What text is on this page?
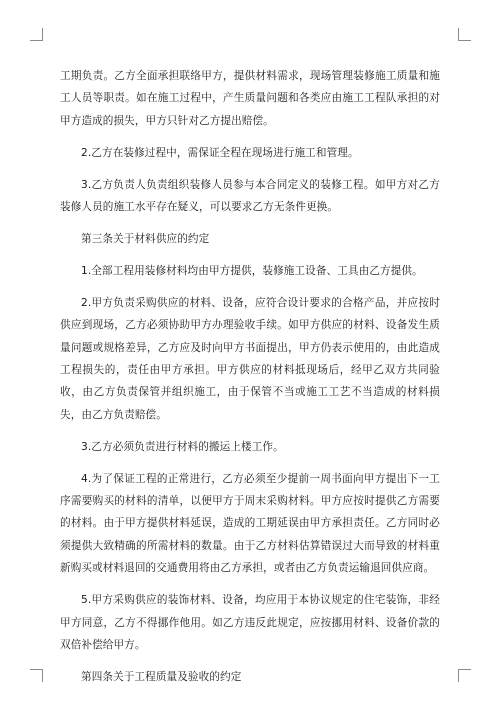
工期负责。乙方全面承担联络甲方，提供材料需求，现场管理装修施工质量和施工人员等职责。如在施工过程中，产生质量问题和各类应由施工工程队承担的对甲方造成的损失，甲方只针对乙方提出赔偿。

2.乙方在装修过程中，需保证全程在现场进行施工和管理。

3.乙方负责人负责组织装修人员参与本合同定义的装修工程。如甲方对乙方装修人员的施工水平存在疑义，可以要求乙方无条件更换。

第三条关于材料供应的约定

1.全部工程用装修材料均由甲方提供，装修施工设备、工具由乙方提供。

2.甲方负责采购供应的材料、设备，应符合设计要求的合格产品，并应按时供应到现场，乙方必须协助甲方办理验收手续。如甲方供应的材料、设备发生质量问题或规格差异，乙方应及时向甲方书面提出，甲方仍表示使用的，由此造成工程损失的，责任由甲方承担。甲方供应的材料抵现场后，经甲乙双方共同验收，由乙方负责保管并组织施工，由于保管不当或施工工艺不当造成的材料损失，由乙方负责赔偿。

3.乙方必须负责进行材料的搬运上楼工作。

4.为了保证工程的正常进行，乙方必须至少提前一周书面向甲方提出下一工序需要购买的材料的清单，以便甲方于周末采购材料。甲方应按时提供乙方需要的材料。由于甲方提供材料延误，造成的工期延误由甲方承担责任。乙方同时必须提供大致精确的所需材料的数量。由于乙方材料估算错误过大而导致的材料重新购买或材料退回的交通费用将由乙方承担，或者由乙方负责运输退回供应商。

5.甲方采购供应的装饰材料、设备，均应用于本协议规定的住宅装饰，非经甲方同意，乙方不得挪作他用。如乙方违反此规定，应按挪用材料、设备价款的双倍补偿给甲方。

第四条关于工程质量及验收的约定
